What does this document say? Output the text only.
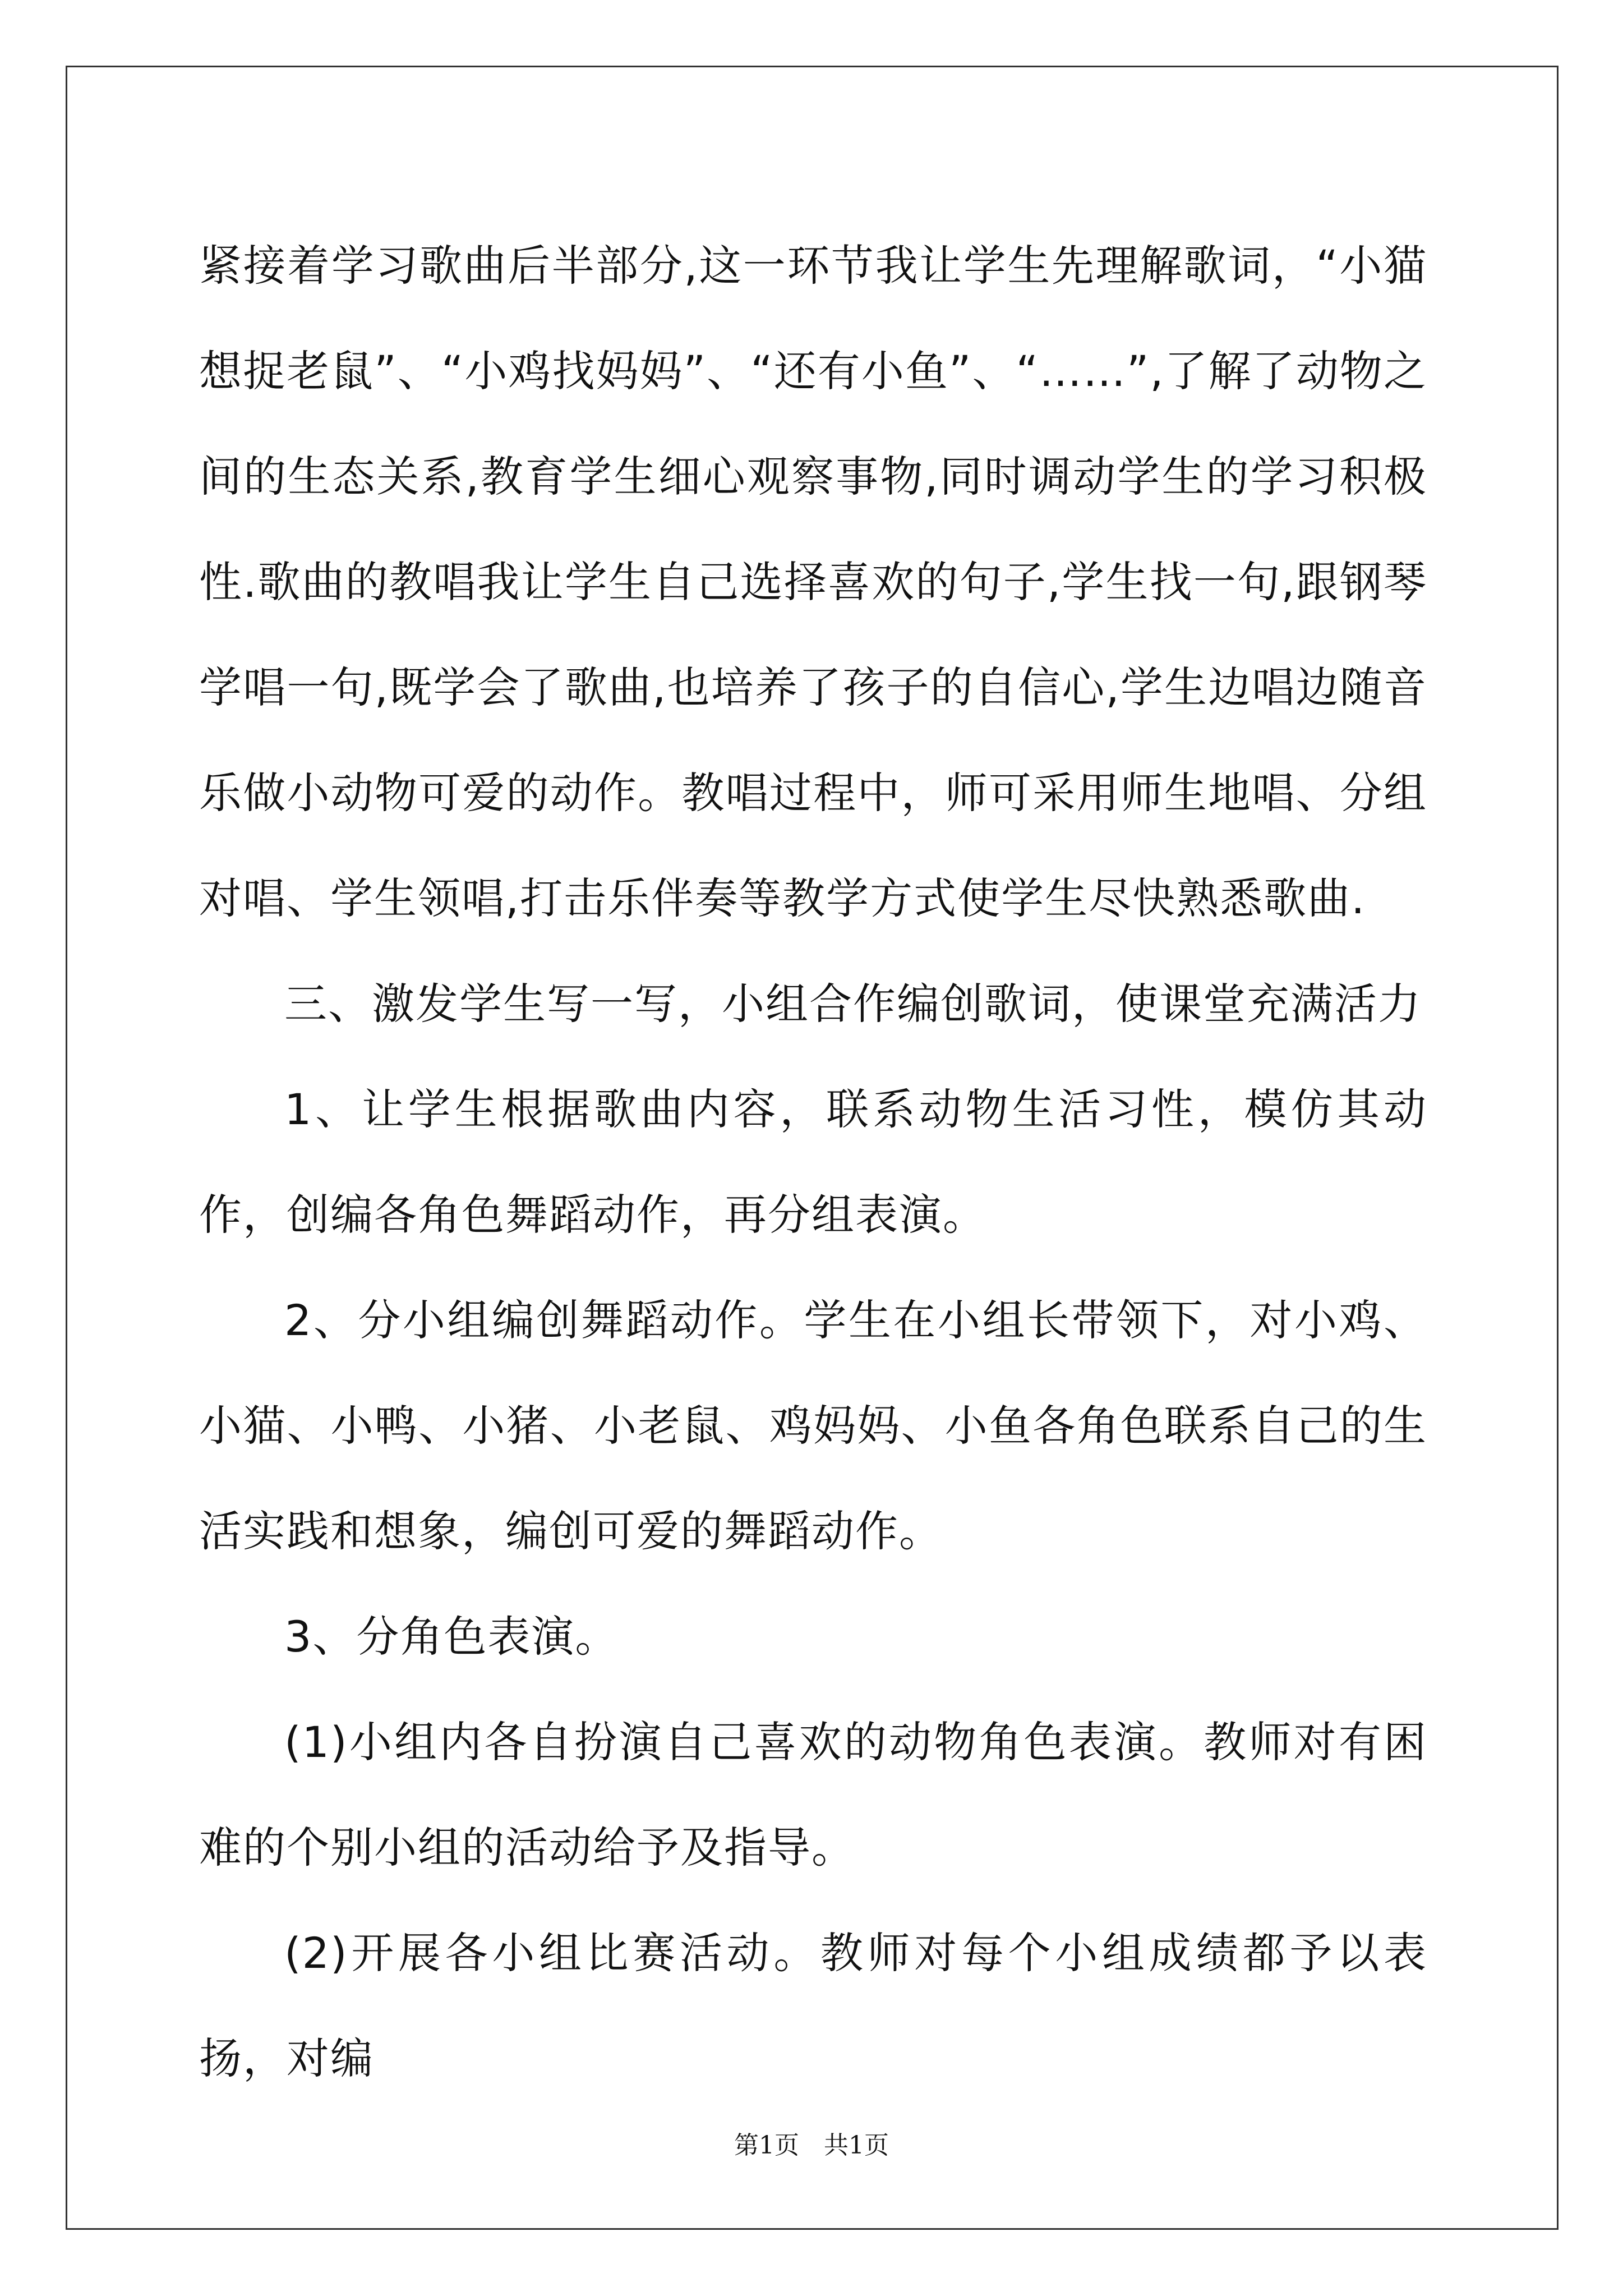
紧接着学习歌曲后半部分,这一环节我让学生先理解歌词，“小猫想捉老鼠”、“小鸡找妈妈”、“还有小鱼”、“……”,了解了动物之间的生态关系,教育学生细心观察事物,同时调动学生的学习积极性.歌曲的教唱我让学生自己选择喜欢的句子,学生找一句,跟钢琴学唱一句,既学会了歌曲,也培养了孩子的自信心,学生边唱边随音乐做小动物可爱的动作。教唱过程中，师可采用师生地唱、分组对唱、学生领唱,打击乐伴奏等教学方式使学生尽快熟悉歌曲.

三、激发学生写一写，小组合作编创歌词，使课堂充满活力

1、让学生根据歌曲内容，联系动物生活习性，模仿其动作，创编各角色舞蹈动作，再分组表演。

2、分小组编创舞蹈动作。学生在小组长带领下，对小鸡、小猫、小鸭、小猪、小老鼠、鸡妈妈、小鱼各角色联系自己的生活实践和想象，编创可爱的舞蹈动作。

3、分角色表演。

(1)小组内各自扮演自己喜欢的动物角色表演。教师对有困难的个别小组的活动给予及指导。

(2)开展各小组比赛活动。教师对每个小组成绩都予以表扬，对编

第1页　共1页
